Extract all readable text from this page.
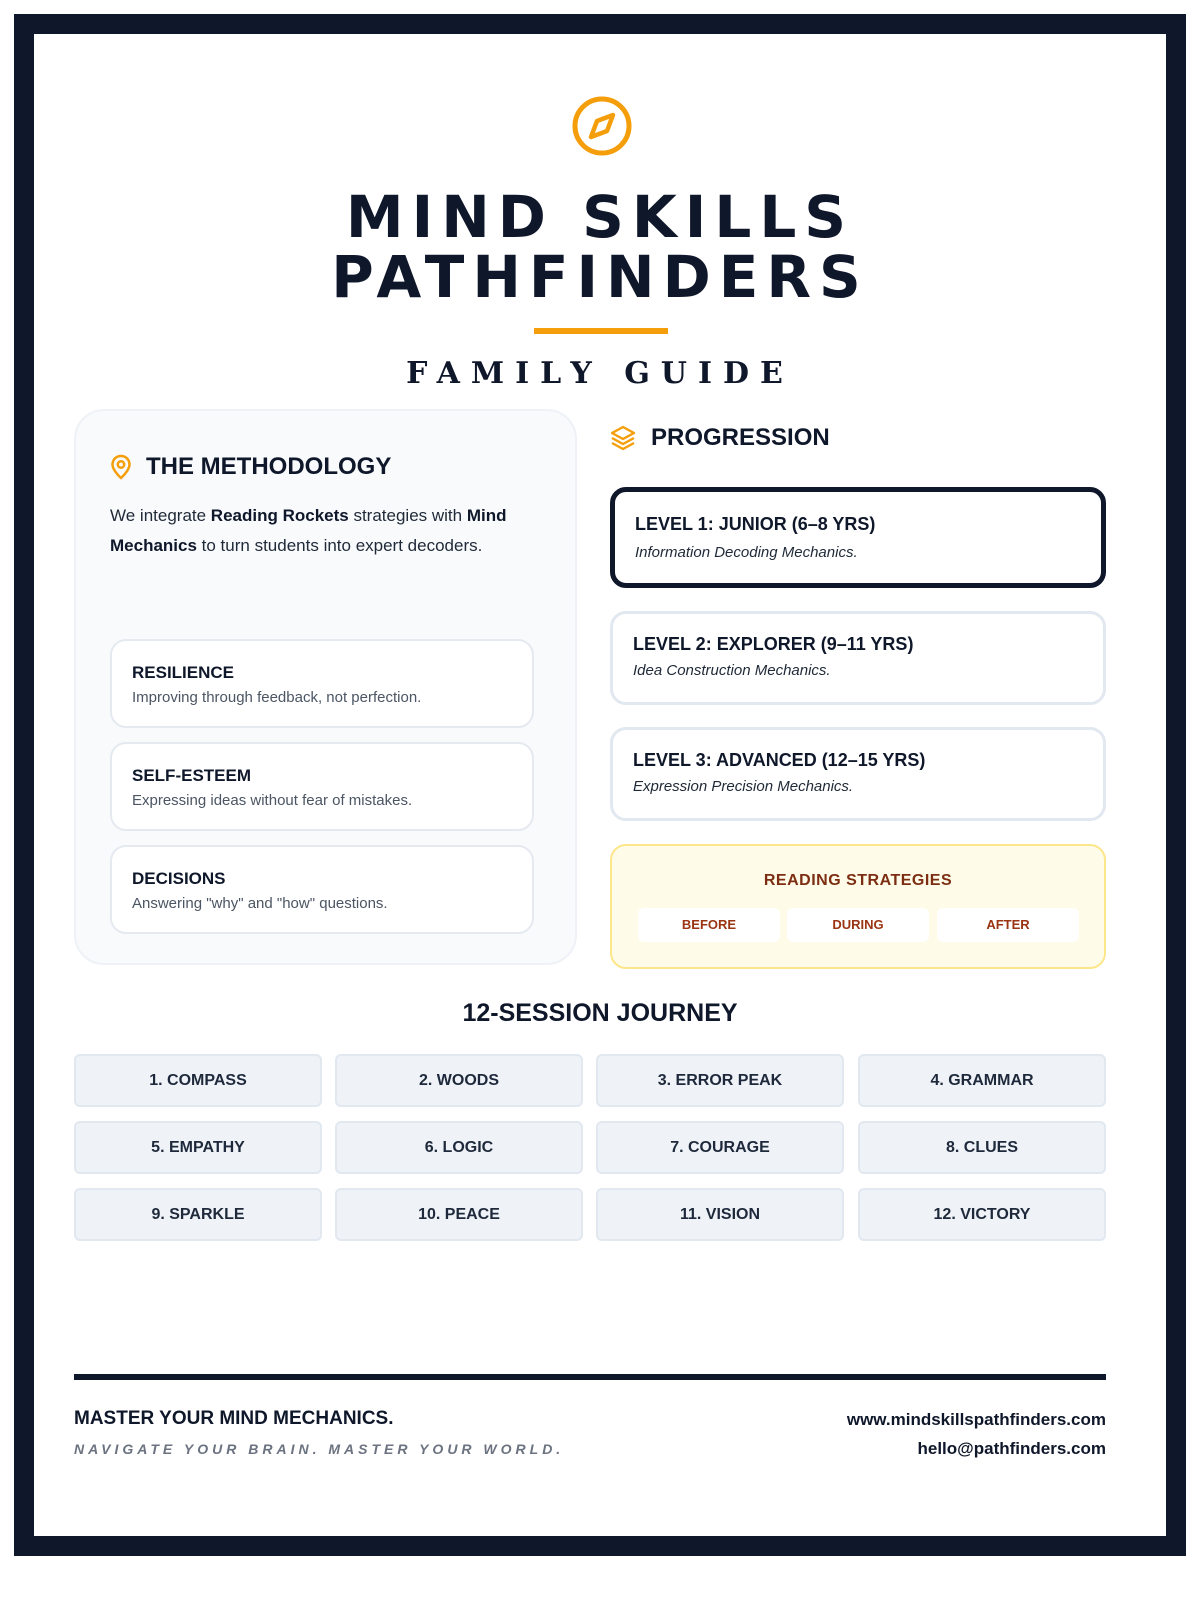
MIND SKILLS
PATHFINDERS
FAMILY GUIDE
THE METHODOLOGY
We integrate Reading Rockets strategies with Mind Mechanics to turn students into expert decoders.
RESILIENCE
Improving through feedback, not perfection.
SELF-ESTEEM
Expressing ideas without fear of mistakes.
DECISIONS
Answering "why" and "how" questions.
PROGRESSION
LEVEL 1: JUNIOR (6–8 YRS)
Information Decoding Mechanics.
LEVEL 2: EXPLORER (9–11 YRS)
Idea Construction Mechanics.
LEVEL 3: ADVANCED (12–15 YRS)
Expression Precision Mechanics.
READING STRATEGIES
BEFORE	DURING	AFTER
12-SESSION JOURNEY
1. COMPASS	2. WOODS	3. ERROR PEAK	4. GRAMMAR
5. EMPATHY	6. LOGIC	7. COURAGE	8. CLUES
9. SPARKLE	10. PEACE	11. VISION	12. VICTORY
MASTER YOUR MIND MECHANICS.
NAVIGATE YOUR BRAIN. MASTER YOUR WORLD.
www.mindskillspathfinders.com
hello@pathfinders.com
